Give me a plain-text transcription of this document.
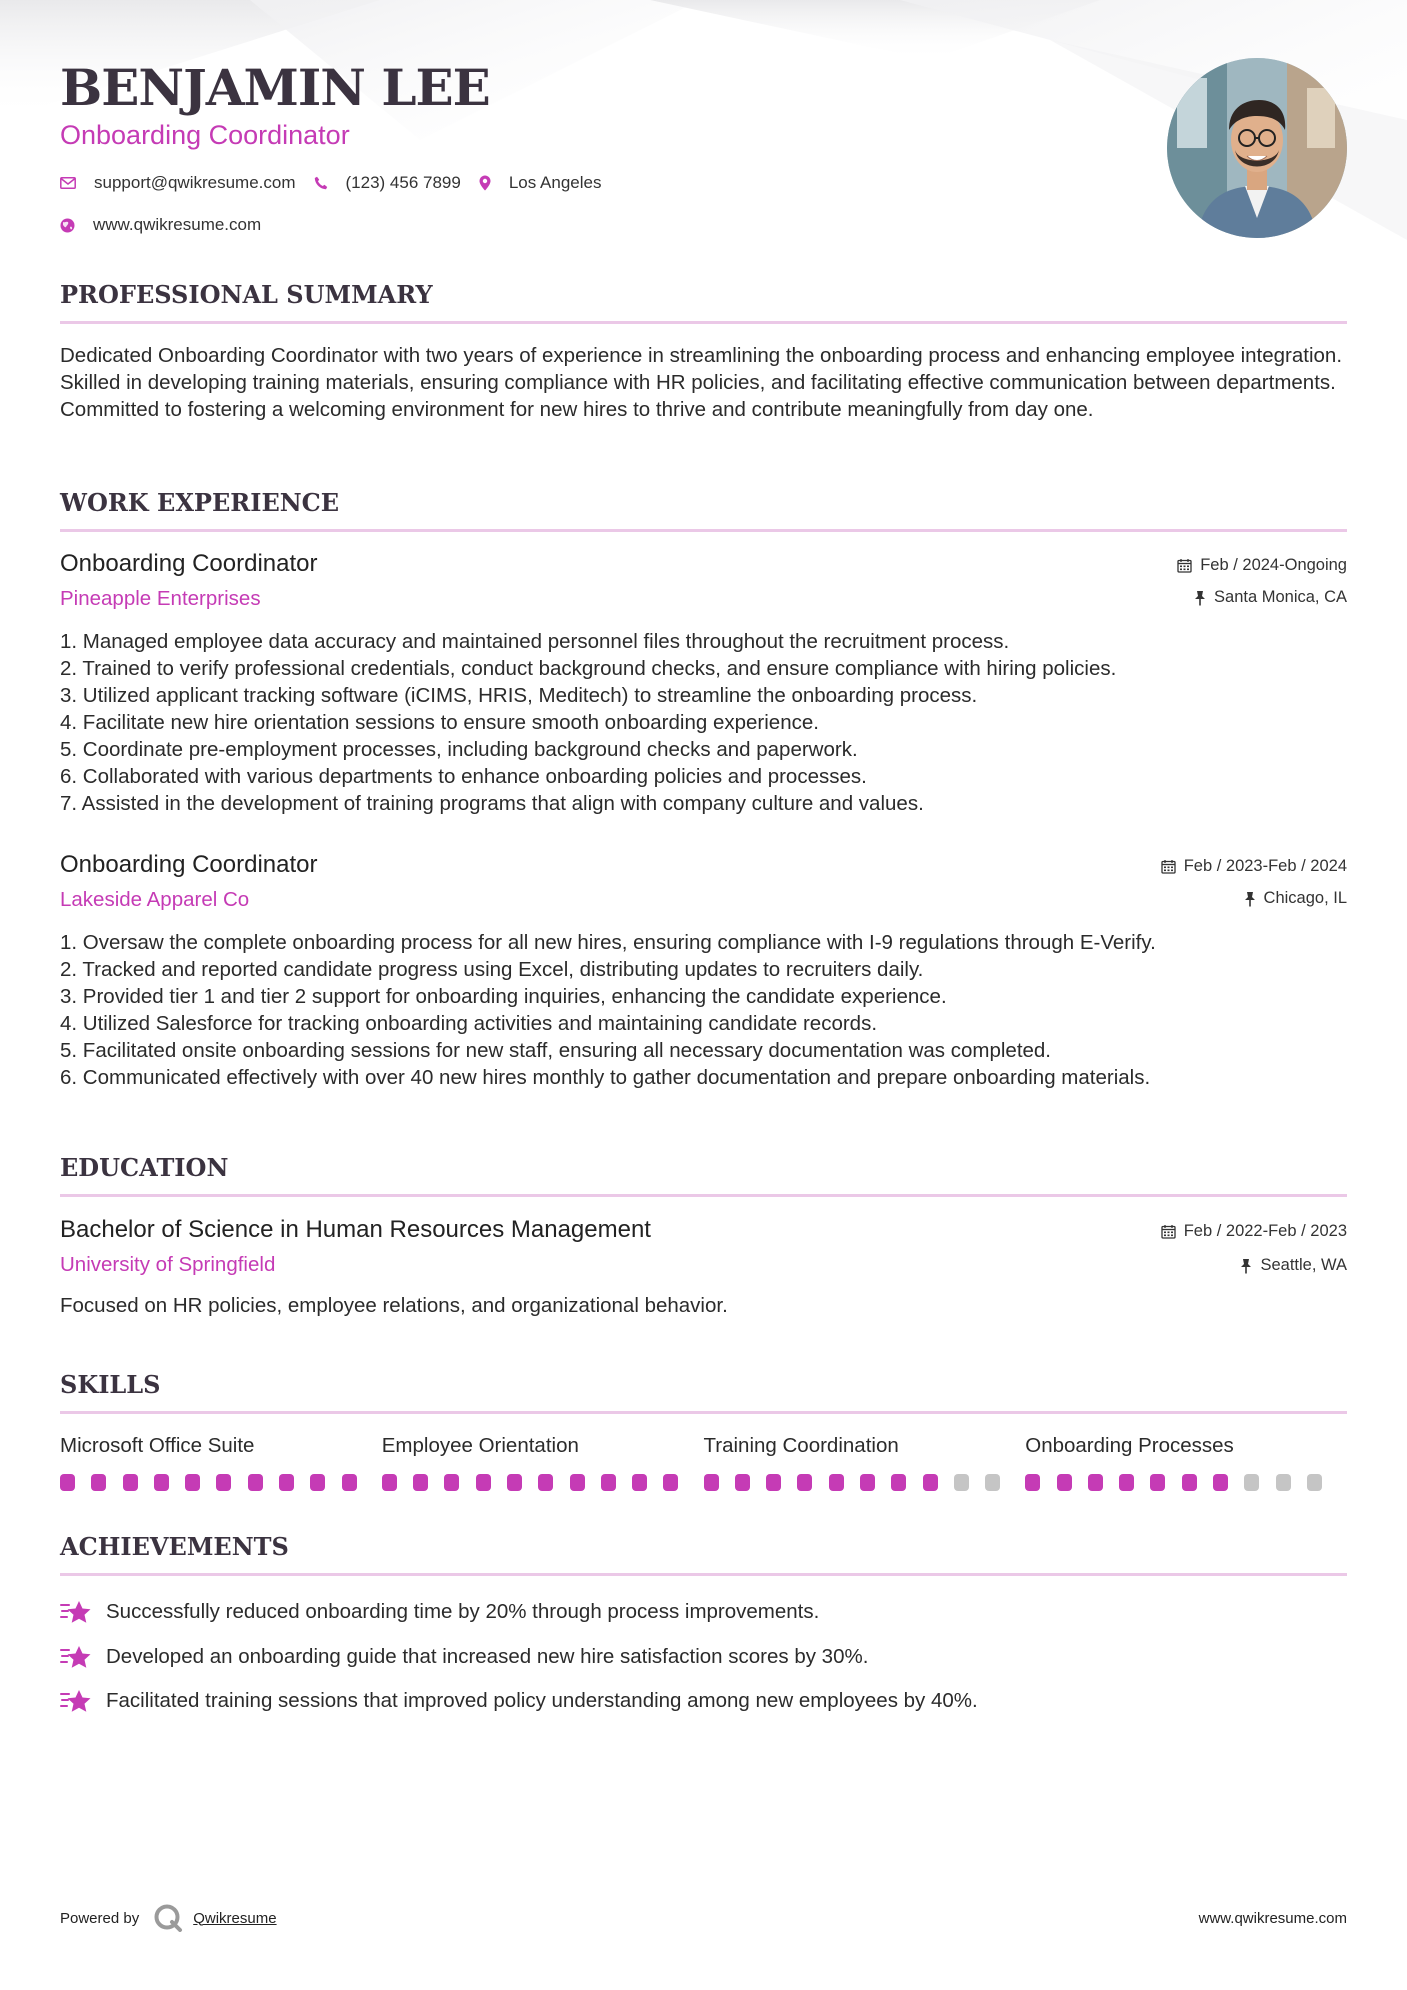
BENJAMIN LEE
Onboarding Coordinator
support@qwikresume.com	(123) 456 7899	Los Angeles
www.qwikresume.com
PROFESSIONAL SUMMARY
Dedicated Onboarding Coordinator with two years of experience in streamlining the onboarding process and enhancing employee integration. Skilled in developing training materials, ensuring compliance with HR policies, and facilitating effective communication between departments. Committed to fostering a welcoming environment for new hires to thrive and contribute meaningfully from day one.
WORK EXPERIENCE
Onboarding Coordinator
Pineapple Enterprises
Feb / 2024-Ongoing
Santa Monica, CA
1. Managed employee data accuracy and maintained personnel files throughout the recruitment process.
2. Trained to verify professional credentials, conduct background checks, and ensure compliance with hiring policies.
3. Utilized applicant tracking software (iCIMS, HRIS, Meditech) to streamline the onboarding process.
4. Facilitate new hire orientation sessions to ensure smooth onboarding experience.
5. Coordinate pre-employment processes, including background checks and paperwork.
6. Collaborated with various departments to enhance onboarding policies and processes.
7. Assisted in the development of training programs that align with company culture and values.
Onboarding Coordinator
Lakeside Apparel Co
Feb / 2023-Feb / 2024
Chicago, IL
1. Oversaw the complete onboarding process for all new hires, ensuring compliance with I-9 regulations through E-Verify.
2. Tracked and reported candidate progress using Excel, distributing updates to recruiters daily.
3. Provided tier 1 and tier 2 support for onboarding inquiries, enhancing the candidate experience.
4. Utilized Salesforce for tracking onboarding activities and maintaining candidate records.
5. Facilitated onsite onboarding sessions for new staff, ensuring all necessary documentation was completed.
6. Communicated effectively with over 40 new hires monthly to gather documentation and prepare onboarding materials.
EDUCATION
Bachelor of Science in Human Resources Management
University of Springfield
Feb / 2022-Feb / 2023
Seattle, WA
Focused on HR policies, employee relations, and organizational behavior.
SKILLS
Microsoft Office Suite	Employee Orientation	Training Coordination	Onboarding Processes
ACHIEVEMENTS
Successfully reduced onboarding time by 20% through process improvements.
Developed an onboarding guide that increased new hire satisfaction scores by 30%.
Facilitated training sessions that improved policy understanding among new employees by 40%.
Powered by	Qwikresume	www.qwikresume.com
